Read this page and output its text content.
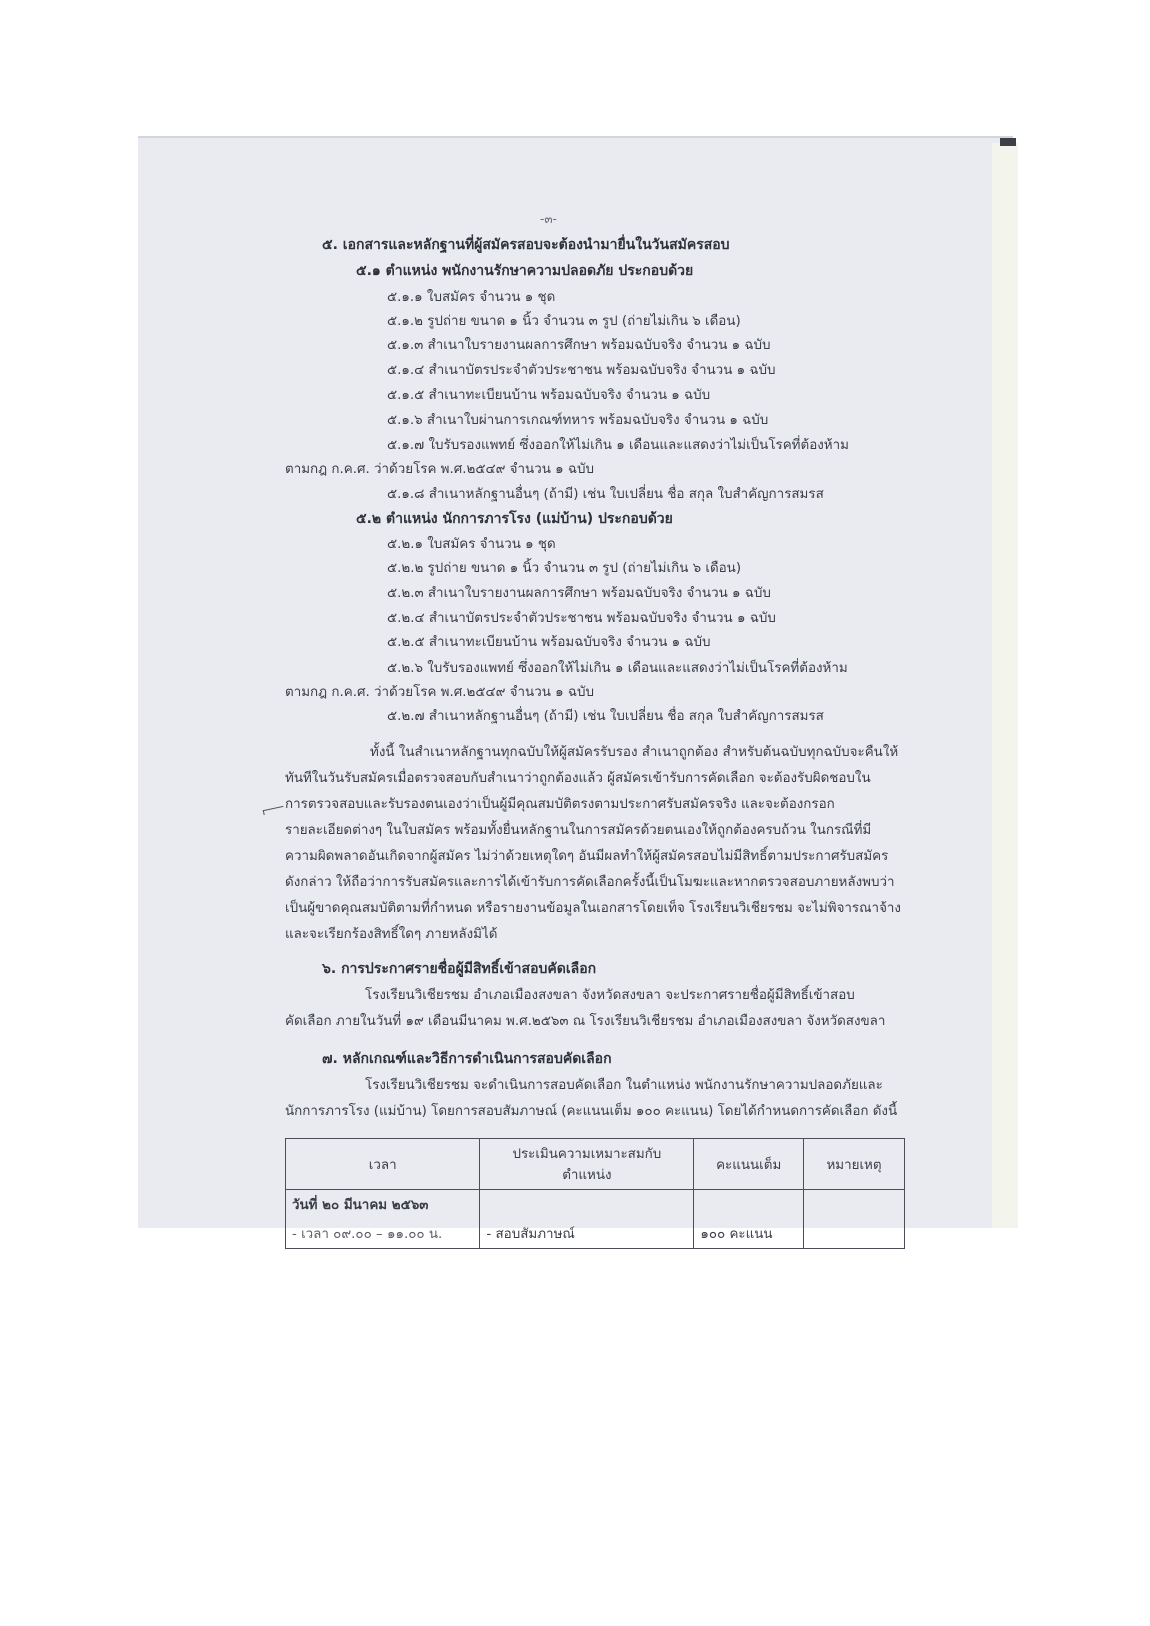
-๓-
๕. เอกสารและหลักฐานที่ผู้สมัครสอบจะต้องนำมายื่นในวันสมัครสอบ
๕.๑ ตำแหน่ง พนักงานรักษาความปลอดภัย ประกอบด้วย
๕.๑.๑ ใบสมัคร จำนวน ๑ ชุด
๕.๑.๒ รูปถ่าย ขนาด ๑ นิ้ว จำนวน ๓ รูป (ถ่ายไม่เกิน ๖ เดือน)
๕.๑.๓ สำเนาใบรายงานผลการศึกษา พร้อมฉบับจริง จำนวน ๑ ฉบับ
๕.๑.๔ สำเนาบัตรประจำตัวประชาชน พร้อมฉบับจริง จำนวน ๑ ฉบับ
๕.๑.๕ สำเนาทะเบียนบ้าน พร้อมฉบับจริง จำนวน ๑ ฉบับ
๕.๑.๖ สำเนาใบผ่านการเกณฑ์ทหาร พร้อมฉบับจริง จำนวน ๑ ฉบับ
๕.๑.๗ ใบรับรองแพทย์ ซึ่งออกให้ไม่เกิน ๑ เดือนและแสดงว่าไม่เป็นโรคที่ต้องห้าม
ตามกฎ ก.ค.ศ. ว่าด้วยโรค พ.ศ.๒๕๔๙ จำนวน ๑ ฉบับ
๕.๑.๘ สำเนาหลักฐานอื่นๆ (ถ้ามี) เช่น ใบเปลี่ยน ชื่อ สกุล ใบสำคัญการสมรส
๕.๒ ตำแหน่ง นักการภารโรง (แม่บ้าน) ประกอบด้วย
๕.๒.๑ ใบสมัคร จำนวน ๑ ชุด
๕.๒.๒ รูปถ่าย ขนาด ๑ นิ้ว จำนวน ๓ รูป (ถ่ายไม่เกิน ๖ เดือน)
๕.๒.๓ สำเนาใบรายงานผลการศึกษา พร้อมฉบับจริง จำนวน ๑ ฉบับ
๕.๒.๔ สำเนาบัตรประจำตัวประชาชน พร้อมฉบับจริง จำนวน ๑ ฉบับ
๕.๒.๕ สำเนาทะเบียนบ้าน พร้อมฉบับจริง จำนวน ๑ ฉบับ
๕.๒.๖ ใบรับรองแพทย์ ซึ่งออกให้ไม่เกิน ๑ เดือนและแสดงว่าไม่เป็นโรคที่ต้องห้าม
ตามกฎ ก.ค.ศ. ว่าด้วยโรค พ.ศ.๒๕๔๙ จำนวน ๑ ฉบับ
๕.๒.๗ สำเนาหลักฐานอื่นๆ (ถ้ามี) เช่น ใบเปลี่ยน ชื่อ สกุล ใบสำคัญการสมรส
ทั้งนี้ ในสำเนาหลักฐานทุกฉบับให้ผู้สมัครรับรอง สำเนาถูกต้อง สำหรับต้นฉบับทุกฉบับจะคืนให้
ทันทีในวันรับสมัครเมื่อตรวจสอบกับสำเนาว่าถูกต้องแล้ว ผู้สมัครเข้ารับการคัดเลือก จะต้องรับผิดชอบใน
การตรวจสอบและรับรองตนเองว่าเป็นผู้มีคุณสมบัติตรงตามประกาศรับสมัครจริง และจะต้องกรอก
รายละเอียดต่างๆ ในใบสมัคร พร้อมทั้งยื่นหลักฐานในการสมัครด้วยตนเองให้ถูกต้องครบถ้วน ในกรณีที่มี
ความผิดพลาดอันเกิดจากผู้สมัคร ไม่ว่าด้วยเหตุใดๆ อันมีผลทำให้ผู้สมัครสอบไม่มีสิทธิ์ตามประกาศรับสมัคร
ดังกล่าว ให้ถือว่าการรับสมัครและการได้เข้ารับการคัดเลือกครั้งนี้เป็นโมฆะและหากตรวจสอบภายหลังพบว่า
เป็นผู้ขาดคุณสมบัติตามที่กำหนด หรือรายงานข้อมูลในเอกสารโดยเท็จ โรงเรียนวิเชียรชม จะไม่พิจารณาจ้าง
และจะเรียกร้องสิทธิ์ใดๆ ภายหลังมิได้
๖. การประกาศรายชื่อผู้มีสิทธิ์เข้าสอบคัดเลือก
โรงเรียนวิเชียรชม อำเภอเมืองสงขลา จังหวัดสงขลา จะประกาศรายชื่อผู้มีสิทธิ์เข้าสอบ
คัดเลือก ภายในวันที่ ๑๙ เดือนมีนาคม พ.ศ.๒๕๖๓ ณ โรงเรียนวิเชียรชม อำเภอเมืองสงขลา จังหวัดสงขลา
๗. หลักเกณฑ์และวิธีการดำเนินการสอบคัดเลือก
โรงเรียนวิเชียรชม จะดำเนินการสอบคัดเลือก ในตำแหน่ง พนักงานรักษาความปลอดภัยและ
นักการภารโรง (แม่บ้าน) โดยการสอบสัมภาษณ์ (คะแนนเต็ม ๑๐๐ คะแนน) โดยได้กำหนดการคัดเลือก ดังนี้
เวลา	ประเมินความเหมาะสมกับ
ตำแหน่ง	คะแนนเต็ม	หมายเหตุ
วันที่ ๒๐ มีนาคม ๒๕๖๓			
- เวลา ๐๙.๐๐ – ๑๑.๐๐ น.	- สอบสัมภาษณ์	๑๐๐ คะแนน	
